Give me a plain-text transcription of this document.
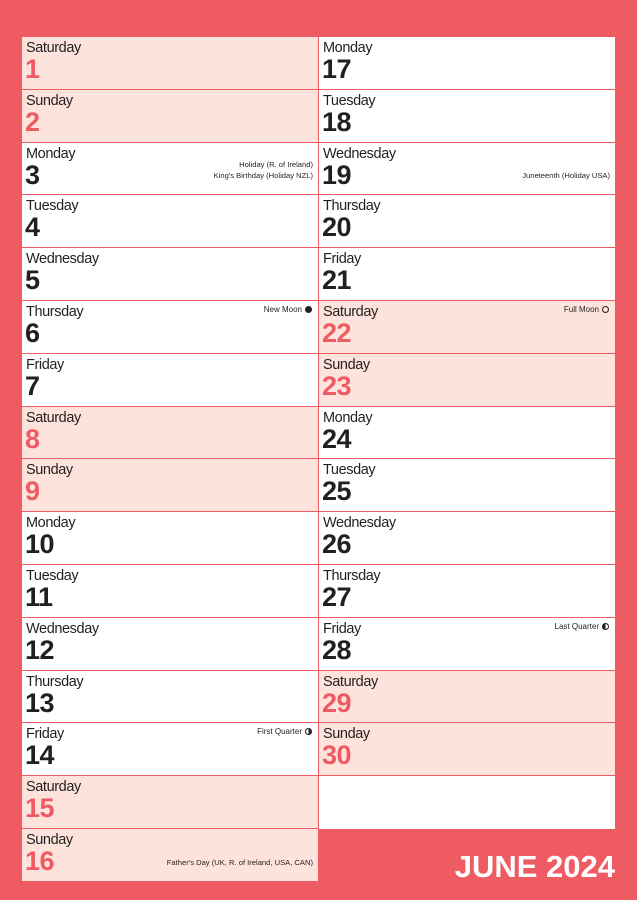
Saturday
1
Sunday
2
Monday
3	Holiday (R. of Ireland)
King's Birthday (Holiday NZL)
Tuesday
4
Wednesday
5
Thursday
6
New Moon
Friday
7
Saturday
8
Sunday
9
Monday
10
Tuesday
11
Wednesday
12
Thursday
13
Friday
14
First Quarter
Saturday
15
Sunday
16	Father's Day (UK, R. of Ireland, USA, CAN)
Monday
17
Tuesday
18
Wednesday
19	Juneteenth (Holiday USA)
Thursday
20
Friday
21
Saturday
22
Full Moon
Sunday
23
Monday
24
Tuesday
25
Wednesday
26
Thursday
27
Friday
28
Last Quarter
Saturday
29
Sunday
30
JUNE 2024
